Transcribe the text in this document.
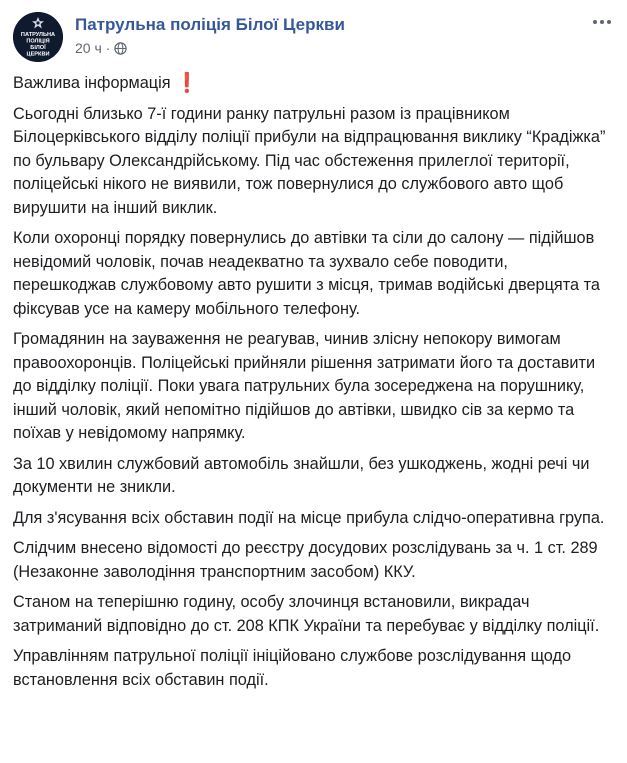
ПАТРУЛЬНА
ПОЛІЦІЯ
БІЛОЇ
ЦЕРКВИ
Патрульна поліція Білої Церкви
20 ч ·

Важлива інформація ❗

Сьогодні близько 7-ї години ранку патрульні разом із працівником Білоцерківського відділу поліції прибули на відпрацювання виклику “Крадіжка” по бульвару Олександрійському. Під час обстеження прилеглої території, поліцейські нікого не виявили, тож повернулися до службового авто щоб вирушити на інший виклик.

Коли охоронці порядку повернулись до автівки та сіли до салону — підійшов невідомий чоловік, почав неадекватно та зухвало себе поводити, перешкоджав службовому авто рушити з місця, тримав водійські дверцята та фіксував усе на камеру мобільного телефону.

Громадянин на зауваження не реагував, чинив злісну непокору вимогам правоохоронців. Поліцейські прийняли рішення затримати його та доставити до відділку поліції. Поки увага патрульних була зосереджена на порушнику, інший чоловік, який непомітно підійшов до автівки, швидко сів за кермо та поїхав у невідомому напрямку.

За 10 хвилин службовий автомобіль знайшли, без ушкоджень, жодні речі чи документи не зникли.

Для з'ясування всіх обставин події на місце прибула слідчо-оперативна група.

Слідчим внесено відомості до реєстру досудових розслідувань за ч. 1 ст. 289 (Незаконне заволодіння транспортним засобом) ККУ.

Станом на теперішню годину, особу злочинця встановили, викрадач затриманий відповідно до ст. 208 КПК України та перебуває у відділку поліції.

Управлінням патрульної поліції ініційовано службове розслідування щодо встановлення всіх обставин події.
